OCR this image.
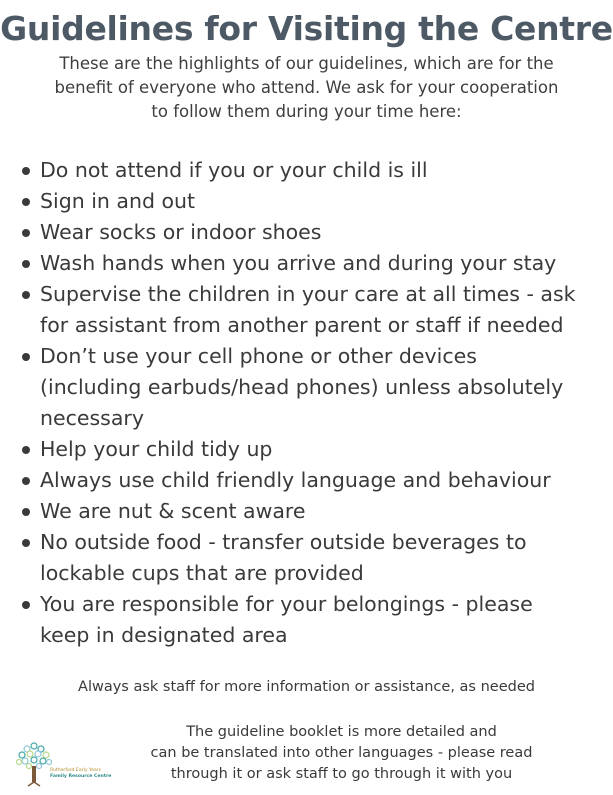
Guidelines for Visiting the Centre
These are the highlights of our guidelines, which are for the
benefit of everyone who attend. We ask for your cooperation
to follow them during your time here:
Do not attend if you or your child is ill
Sign in and out
Wear socks or indoor shoes
Wash hands when you arrive and during your stay
Supervise the children in your care at all times - ask
for assistant from another parent or staff if needed
Don’t use your cell phone or other devices
(including earbuds/head phones) unless absolutely
necessary
Help your child tidy up
Always use child friendly language and behaviour
We are nut & scent aware
No outside food - transfer outside beverages to
lockable cups that are provided
You are responsible for your belongings - please
keep in designated area
Always ask staff for more information or assistance, as needed
Rutherford Early Years
Family Resource Centre
The guideline booklet is more detailed and
can be translated into other languages - please read
through it or ask staff to go through it with you
